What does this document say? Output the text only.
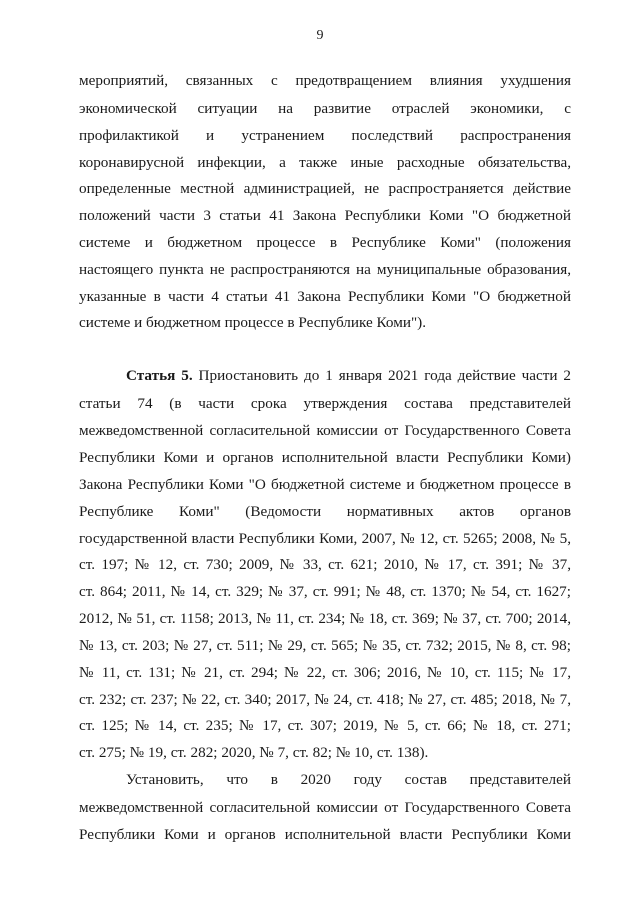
9
мероприятий, связанных с предотвращением влияния ухудшения
экономической ситуации на развитие отраслей экономики, с
профилактикой и устранением последствий распространения
коронавирусной инфекции, а также иные расходные обязательства,
определенные местной администрацией, не распространяется действие
положений части 3 статьи 41 Закона Республики Коми "О бюджетной
системе и бюджетном процессе в Республике Коми" (положения
настоящего пункта не распространяются на муниципальные образования,
указанные в части 4 статьи 41 Закона Республики Коми "О бюджетной
системе и бюджетном процессе в Республике Коми").
Статья 5. Приостановить до 1 января 2021 года действие части 2
статьи 74 (в части срока утверждения состава представителей
межведомственной согласительной комиссии от Государственного Совета
Республики Коми и органов исполнительной власти Республики Коми)
Закона Республики Коми "О бюджетной системе и бюджетном процессе в
Республике Коми" (Ведомости нормативных актов органов
государственной власти Республики Коми, 2007, № 12, ст. 5265; 2008, № 5,
ст. 197; № 12, ст. 730; 2009, № 33, ст. 621; 2010, № 17, ст. 391; № 37,
ст. 864; 2011, № 14, ст. 329; № 37, ст. 991; № 48, ст. 1370; № 54, ст. 1627;
2012, № 51, ст. 1158; 2013, № 11, ст. 234; № 18, ст. 369; № 37, ст. 700; 2014,
№ 13, ст. 203; № 27, ст. 511; № 29, ст. 565; № 35, ст. 732; 2015, № 8, ст. 98;
№ 11, ст. 131; № 21, ст. 294; № 22, ст. 306; 2016, № 10, ст. 115; № 17,
ст. 232; ст. 237; № 22, ст. 340; 2017, № 24, ст. 418; № 27, ст. 485; 2018, № 7,
ст. 125; № 14, ст. 235; № 17, ст. 307; 2019, № 5, ст. 66; № 18, ст. 271;
ст. 275; № 19, ст. 282; 2020, № 7, ст. 82; № 10, ст. 138).
Установить, что в 2020 году состав представителей
межведомственной согласительной комиссии от Государственного Совета
Республики Коми и органов исполнительной власти Республики Коми
